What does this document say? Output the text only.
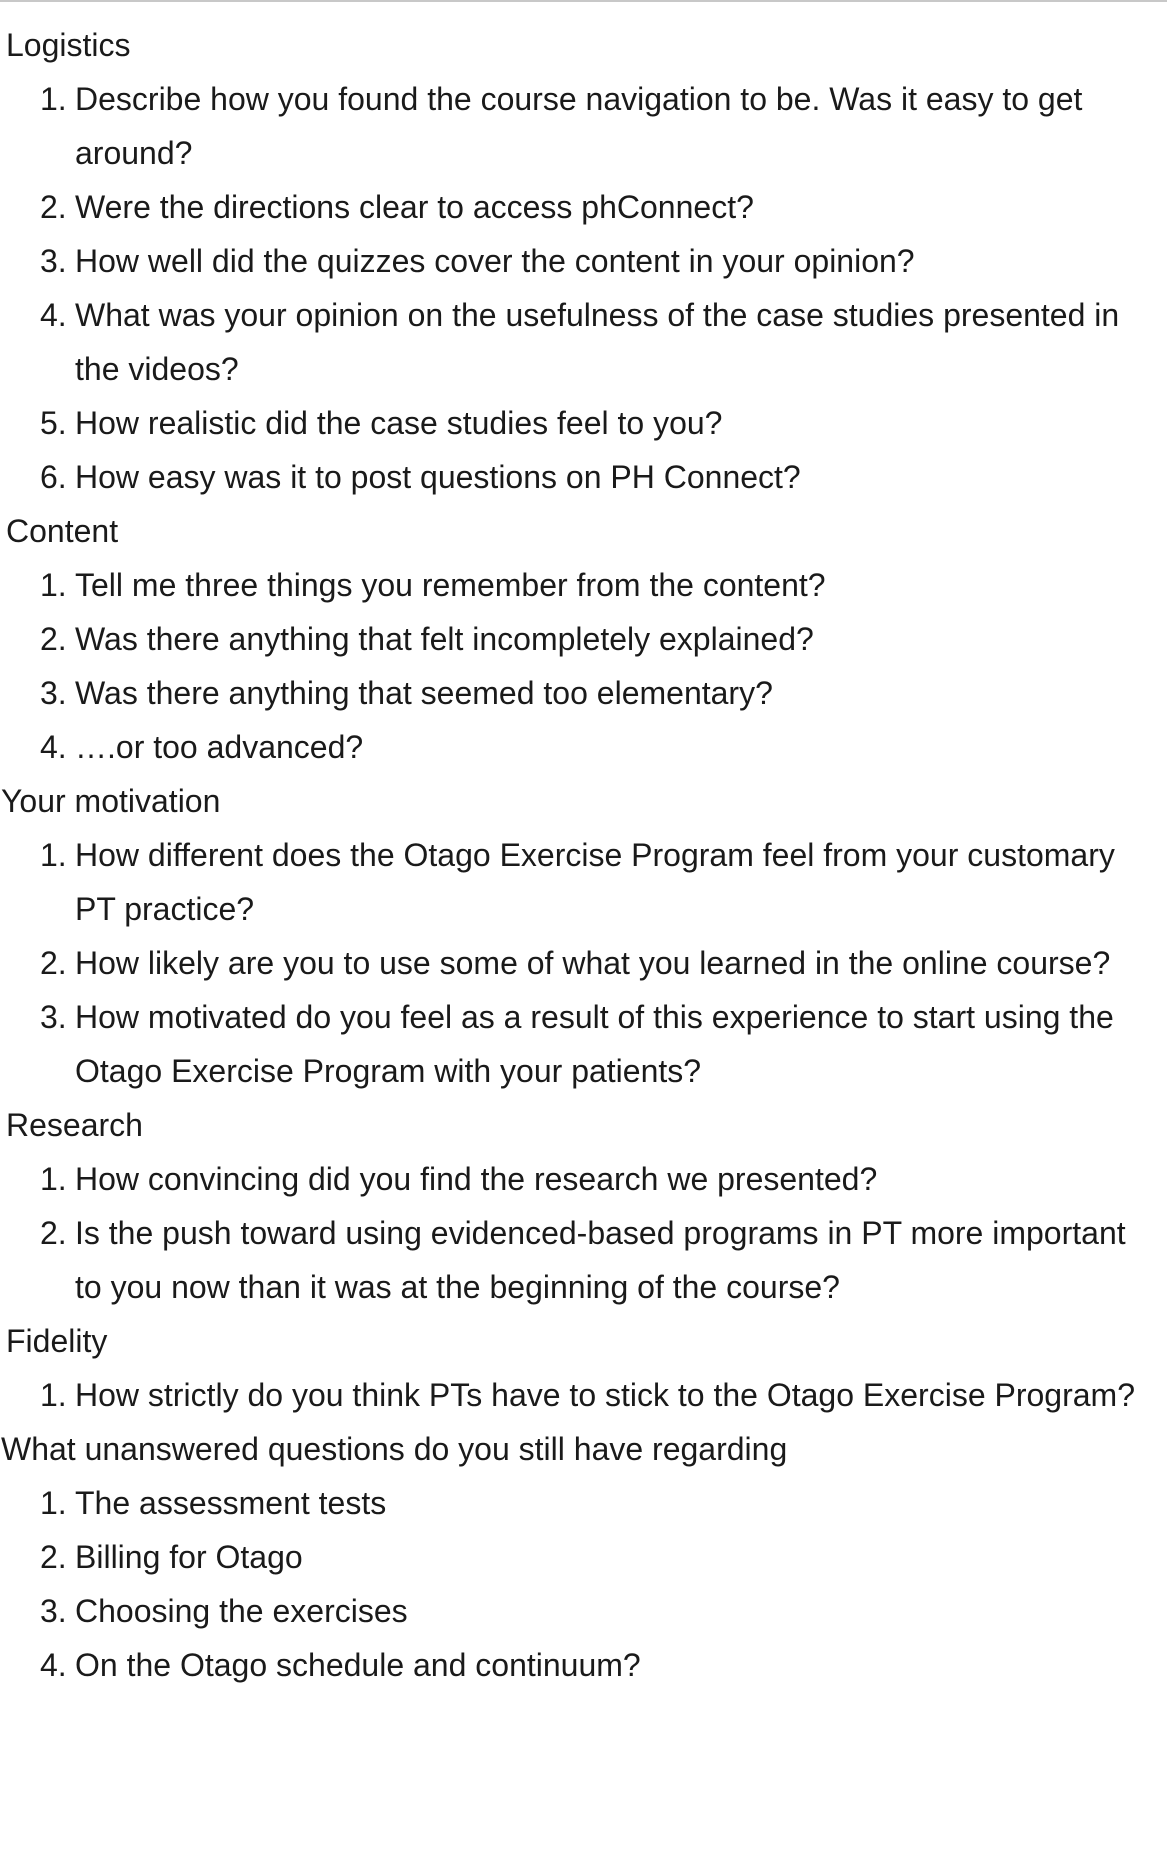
Logistics
1. Describe how you found the course navigation to be. Was it easy to get around?
2. Were the directions clear to access phConnect?
3. How well did the quizzes cover the content in your opinion?
4. What was your opinion on the usefulness of the case studies presented in the videos?
5. How realistic did the case studies feel to you?
6. How easy was it to post questions on PH Connect?
Content
1. Tell me three things you remember from the content?
2. Was there anything that felt incompletely explained?
3. Was there anything that seemed too elementary?
4. ….or too advanced?
Your motivation
1. How different does the Otago Exercise Program feel from your customary PT practice?
2. How likely are you to use some of what you learned in the online course?
3. How motivated do you feel as a result of this experience to start using the Otago Exercise Program with your patients?
Research
1. How convincing did you find the research we presented?
2. Is the push toward using evidenced-based programs in PT more important to you now than it was at the beginning of the course?
Fidelity
1. How strictly do you think PTs have to stick to the Otago Exercise Program?
What unanswered questions do you still have regarding
1. The assessment tests
2. Billing for Otago
3. Choosing the exercises
4. On the Otago schedule and continuum?
